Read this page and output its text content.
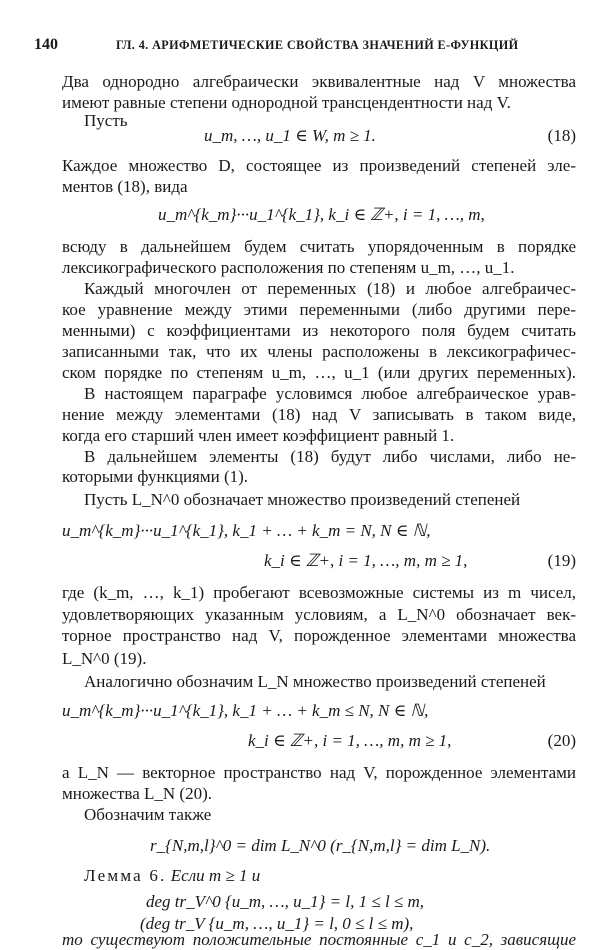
140	ГЛ. 4. АРИФМЕТИЧЕСКИЕ СВОЙСТВА ЗНАЧЕНИЙ E-ФУНКЦИЙ
Два однородно алгебраически эквивалентные над V множества
имеют равные степени однородной трансцендентности над V.
Пусть
u_m, …, u_1 ∈ W, m ≥ 1.	(18)
Каждое множество D, состоящее из произведений степеней эле-
ментов (18), вида
u_m^{k_m}···u_1^{k_1}, k_i ∈ ℤ+, i = 1, …, m,
всюду в дальнейшем будем считать упорядоченным в порядке
лексикографического расположения по степеням u_m, …, u_1.
Каждый многочлен от переменных (18) и любое алгебраичес-
кое уравнение между этими переменными (либо другими пере-
менными) с коэффициентами из некоторого поля будем считать
записанными так, что их члены расположены в лексикографичес-
ском порядке по степеням u_m, …, u_1 (или других переменных).
В настоящем параграфе условимся любое алгебраическое урав-
нение между элементами (18) над V записывать в таком виде,
когда его старший член имеет коэффициент равный 1.
В дальнейшем элементы (18) будут либо числами, либо не-
которыми функциями (1).
Пусть L_N^0 обозначает множество произведений степеней
u_m^{k_m}···u_1^{k_1}, k_1 + … + k_m = N, N ∈ ℕ,
k_i ∈ ℤ+, i = 1, …, m, m ≥ 1,	(19)
где (k_m, …, k_1) пробегают всевозможные системы из m чисел,
удовлетворяющих указанным условиям, а L_N^0 обозначает век-
торное пространство над V, порожденное элементами множества
L_N^0 (19).
Аналогично обозначим L_N множество произведений степеней
u_m^{k_m}···u_1^{k_1}, k_1 + … + k_m ≤ N, N ∈ ℕ,
k_i ∈ ℤ+, i = 1, …, m, m ≥ 1,	(20)
а L_N — векторное пространство над V, порожденное элементами
множества L_N (20).
Обозначим также
r_{N,m,l}^0 = dim L_N^0 (r_{N,m,l} = dim L_N).
Лемма 6. Если m ≥ 1 и
deg tr_V^0 {u_m, …, u_1} = l, 1 ≤ l ≤ m,
(deg tr_V {u_m, …, u_1} = l, 0 ≤ l ≤ m),
то существуют положительные постоянные c_1 и c_2, зависящие
